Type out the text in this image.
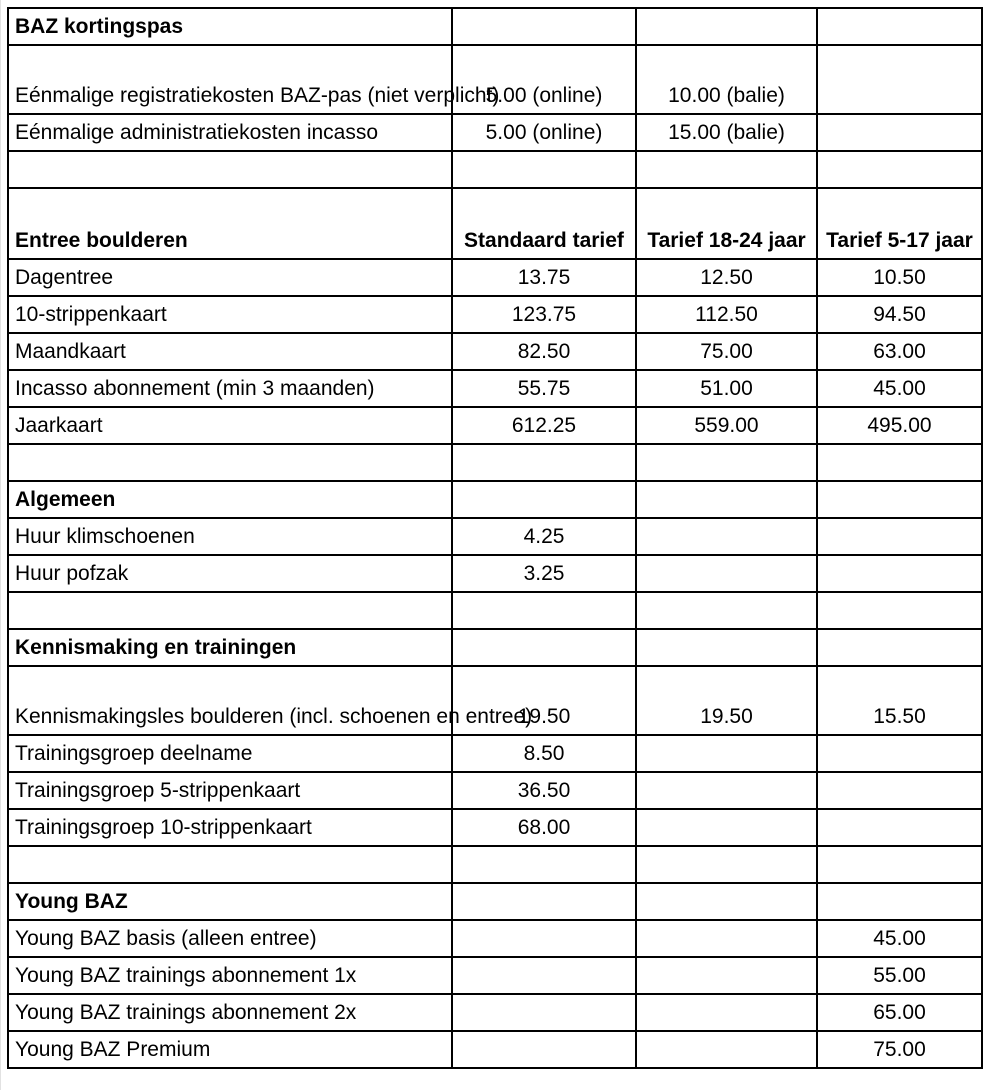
BAZ kortingspas			
Eénmalige registratiekosten BAZ-pas (niet verplicht)	5.00 (online)	10.00 (balie)	
Eénmalige administratiekosten incasso	5.00 (online)	15.00 (balie)	

Entree boulderen	Standaard tarief	Tarief 18-24 jaar	Tarief 5-17 jaar
Dagentree	13.75	12.50	10.50
10-strippenkaart	123.75	112.50	94.50
Maandkaart	82.50	75.00	63.00
Incasso abonnement (min 3 maanden)	55.75	51.00	45.00
Jaarkaart	612.25	559.00	495.00

Algemeen			
Huur klimschoenen	4.25		
Huur pofzak	3.25		

Kennismaking en trainingen			
Kennismakingsles boulderen (incl. schoenen en entree)	19.50	19.50	15.50
Trainingsgroep deelname	8.50		
Trainingsgroep 5-strippenkaart	36.50		
Trainingsgroep 10-strippenkaart	68.00		

Young BAZ			
Young BAZ basis (alleen entree)			45.00
Young BAZ trainings abonnement 1x			55.00
Young BAZ trainings abonnement 2x			65.00
Young BAZ Premium			75.00
